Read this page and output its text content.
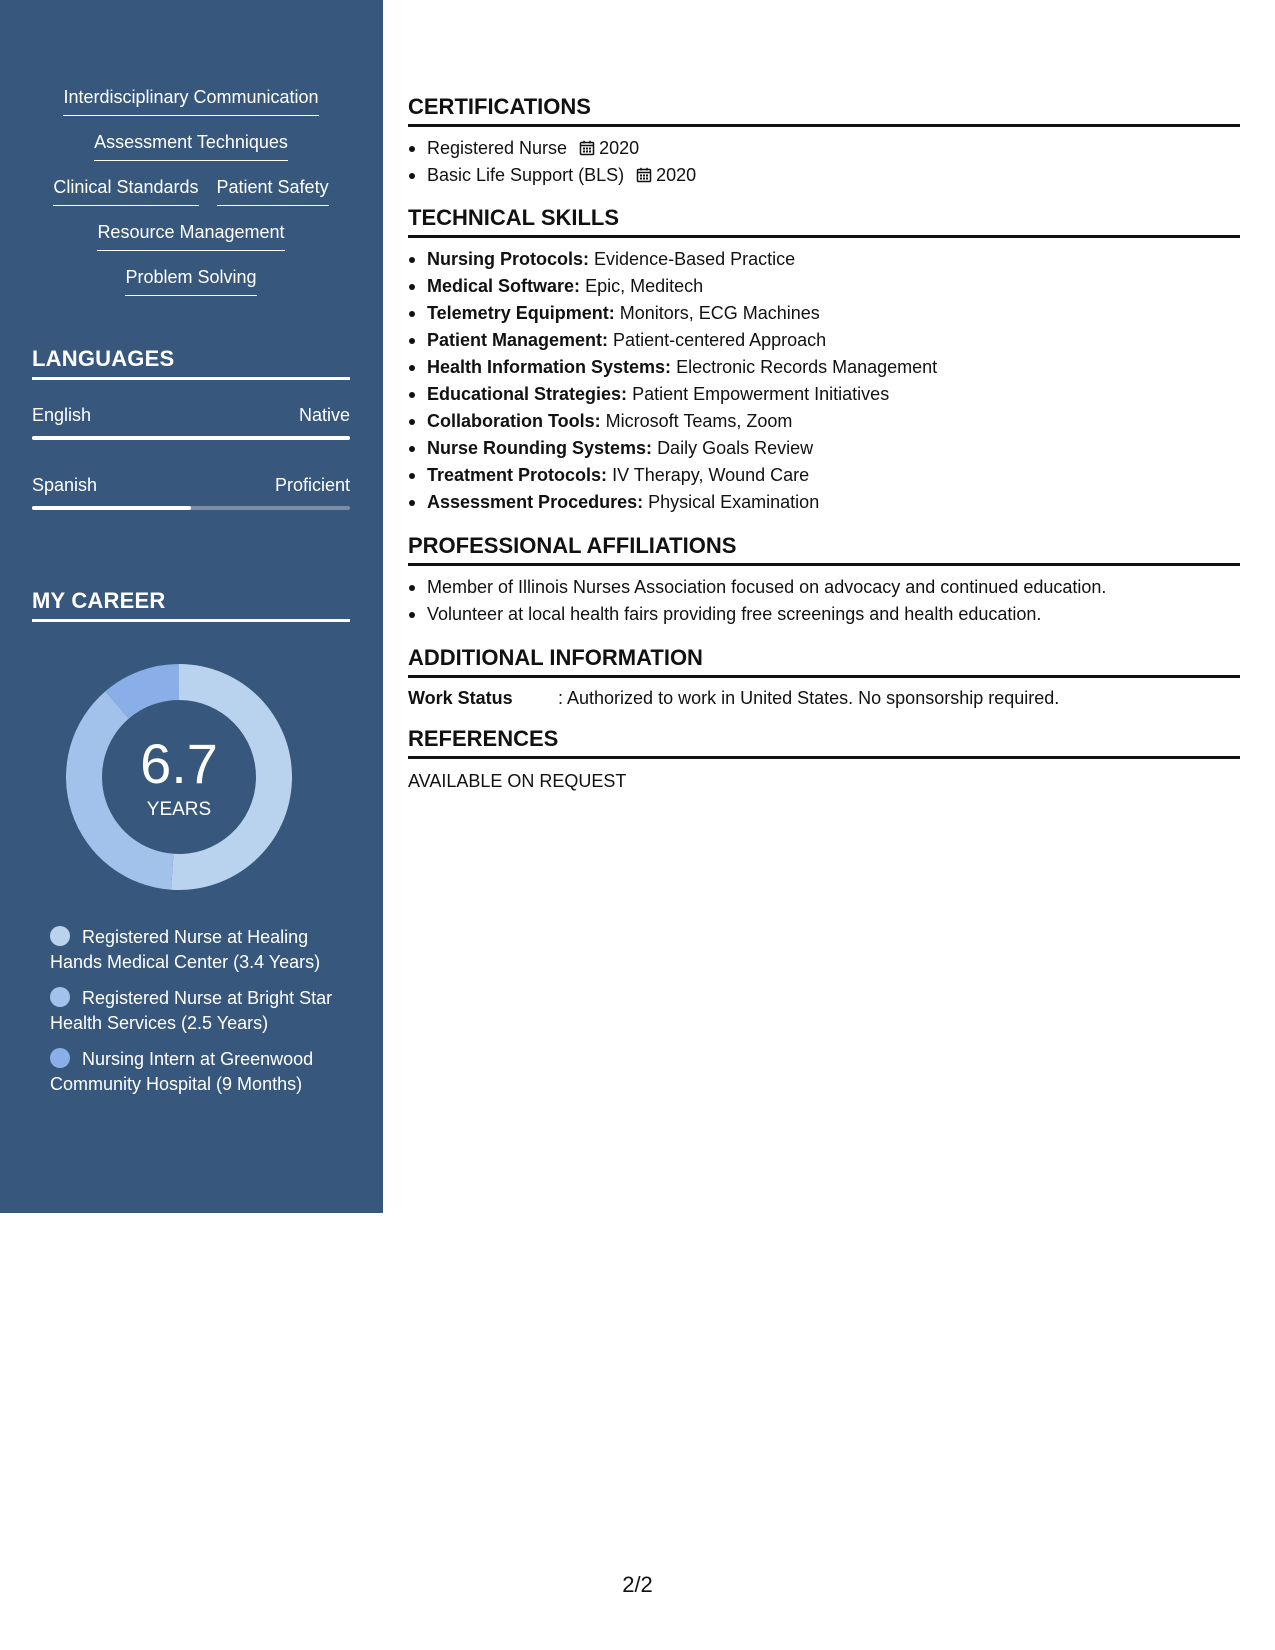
Interdisciplinary Communication
Assessment Techniques
Clinical Standards Patient Safety
Resource Management
Problem Solving
LANGUAGES
English	Native
Spanish	Proficient
MY CAREER
6.7
YEARS
Registered Nurse at Healing Hands Medical Center (3.4 Years)
Registered Nurse at Bright Star Health Services (2.5 Years)
Nursing Intern at Greenwood Community Hospital (9 Months)
CERTIFICATIONS
Registered Nurse 2020
Basic Life Support (BLS) 2020
TECHNICAL SKILLS
Nursing Protocols: Evidence-Based Practice
Medical Software: Epic, Meditech
Telemetry Equipment: Monitors, ECG Machines
Patient Management: Patient-centered Approach
Health Information Systems: Electronic Records Management
Educational Strategies: Patient Empowerment Initiatives
Collaboration Tools: Microsoft Teams, Zoom
Nurse Rounding Systems: Daily Goals Review
Treatment Protocols: IV Therapy, Wound Care
Assessment Procedures: Physical Examination
PROFESSIONAL AFFILIATIONS
Member of Illinois Nurses Association focused on advocacy and continued education.
Volunteer at local health fairs providing free screenings and health education.
ADDITIONAL INFORMATION
Work Status	: Authorized to work in United States. No sponsorship required.
REFERENCES
AVAILABLE ON REQUEST
2/2
